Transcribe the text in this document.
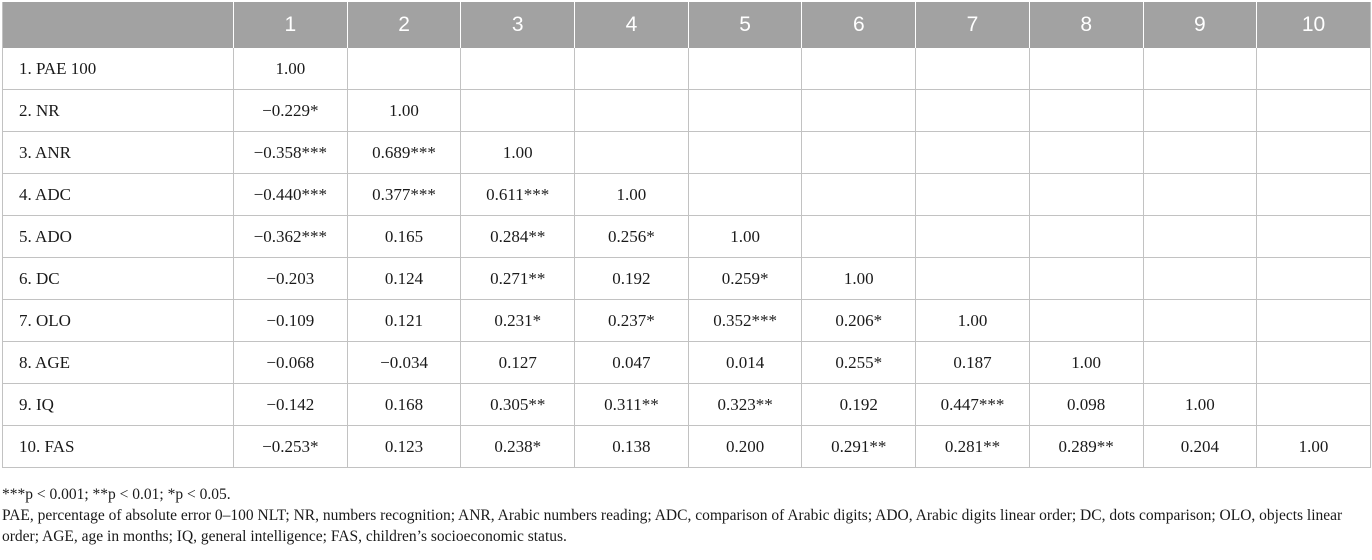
	1	2	3	4	5	6	7	8	9	10
1. PAE 100	1.00									
2. NR	−0.229*	1.00								
3. ANR	−0.358***	0.689***	1.00							
4. ADC	−0.440***	0.377***	0.611***	1.00						
5. ADO	−0.362***	0.165	0.284**	0.256*	1.00					
6. DC	−0.203	0.124	0.271**	0.192	0.259*	1.00				
7. OLO	−0.109	0.121	0.231*	0.237*	0.352***	0.206*	1.00			
8. AGE	−0.068	−0.034	0.127	0.047	0.014	0.255*	0.187	1.00		
9. IQ	−0.142	0.168	0.305**	0.311**	0.323**	0.192	0.447***	0.098	1.00	
10. FAS	−0.253*	0.123	0.238*	0.138	0.200	0.291**	0.281**	0.289**	0.204	1.00

***p < 0.001; **p < 0.01; *p < 0.05.

PAE, percentage of absolute error 0–100 NLT; NR, numbers recognition; ANR, Arabic numbers reading; ADC, comparison of Arabic digits; ADO, Arabic digits linear order; DC, dots comparison; OLO, objects linear order; AGE, age in months; IQ, general intelligence; FAS, children’s socioeconomic status.
